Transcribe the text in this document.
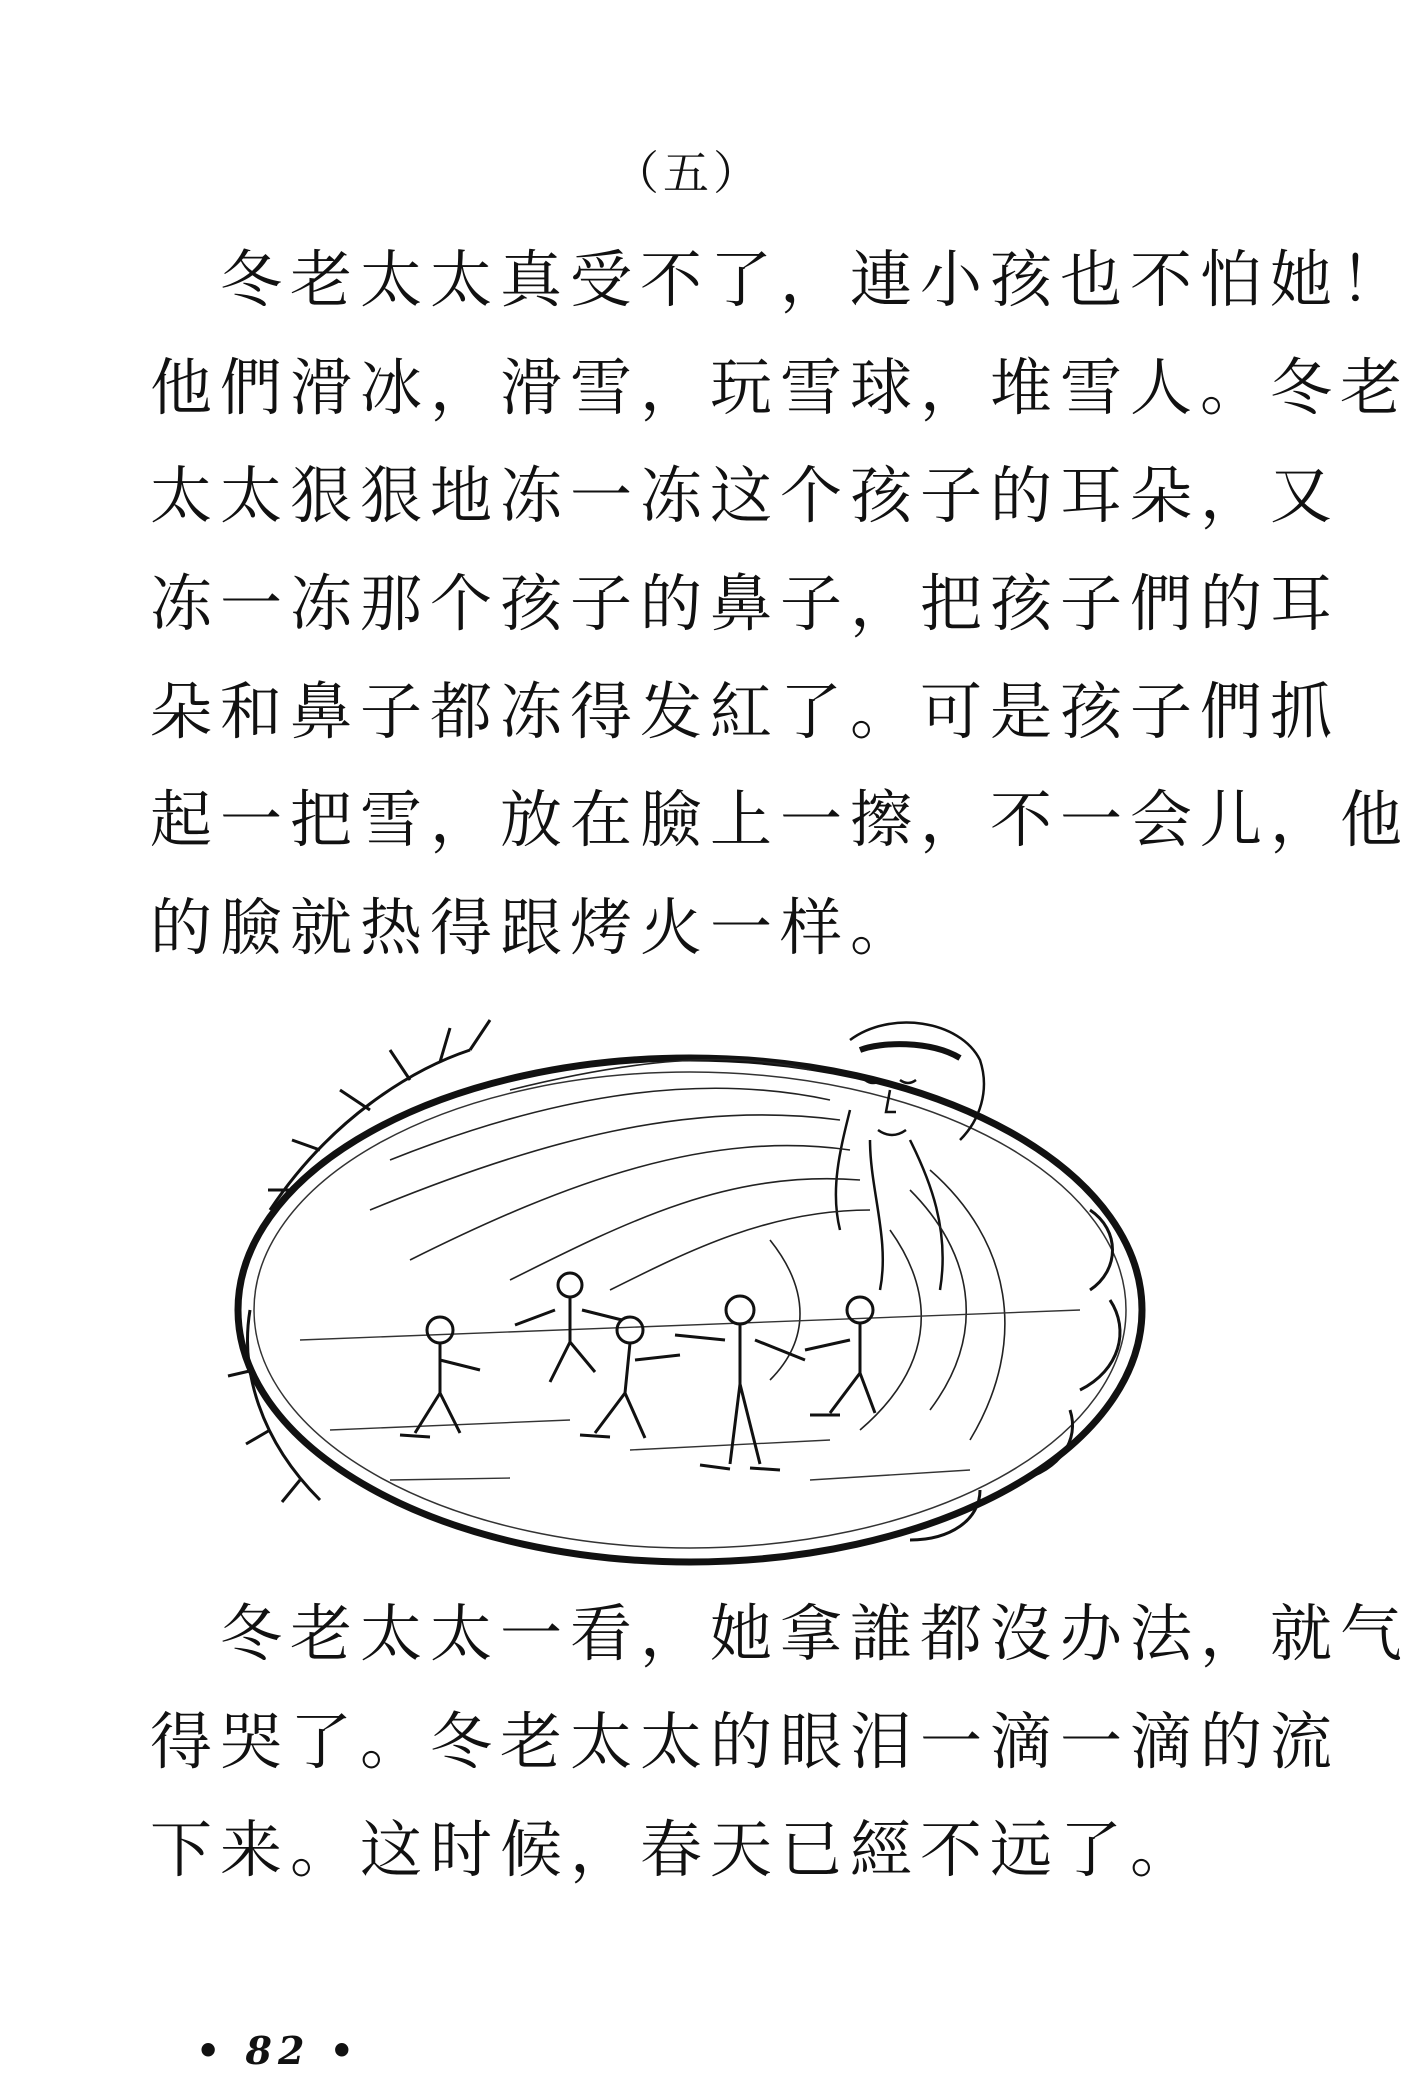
（五）
　冬老太太真受不了，連小孩也不怕她！
他們滑冰，滑雪，玩雪球，堆雪人。冬老
太太狠狠地冻一冻这个孩子的耳朵，又
冻一冻那个孩子的鼻子，把孩子們的耳
朵和鼻子都冻得发紅了。可是孩子們抓
起一把雪，放在臉上一擦，不一会儿，他
的臉就热得跟烤火一样。
　冬老太太一看，她拿誰都沒办法，就气
得哭了。冬老太太的眼泪一滴一滴的流
下来。这时候，春天已經不远了。
• 82 •
